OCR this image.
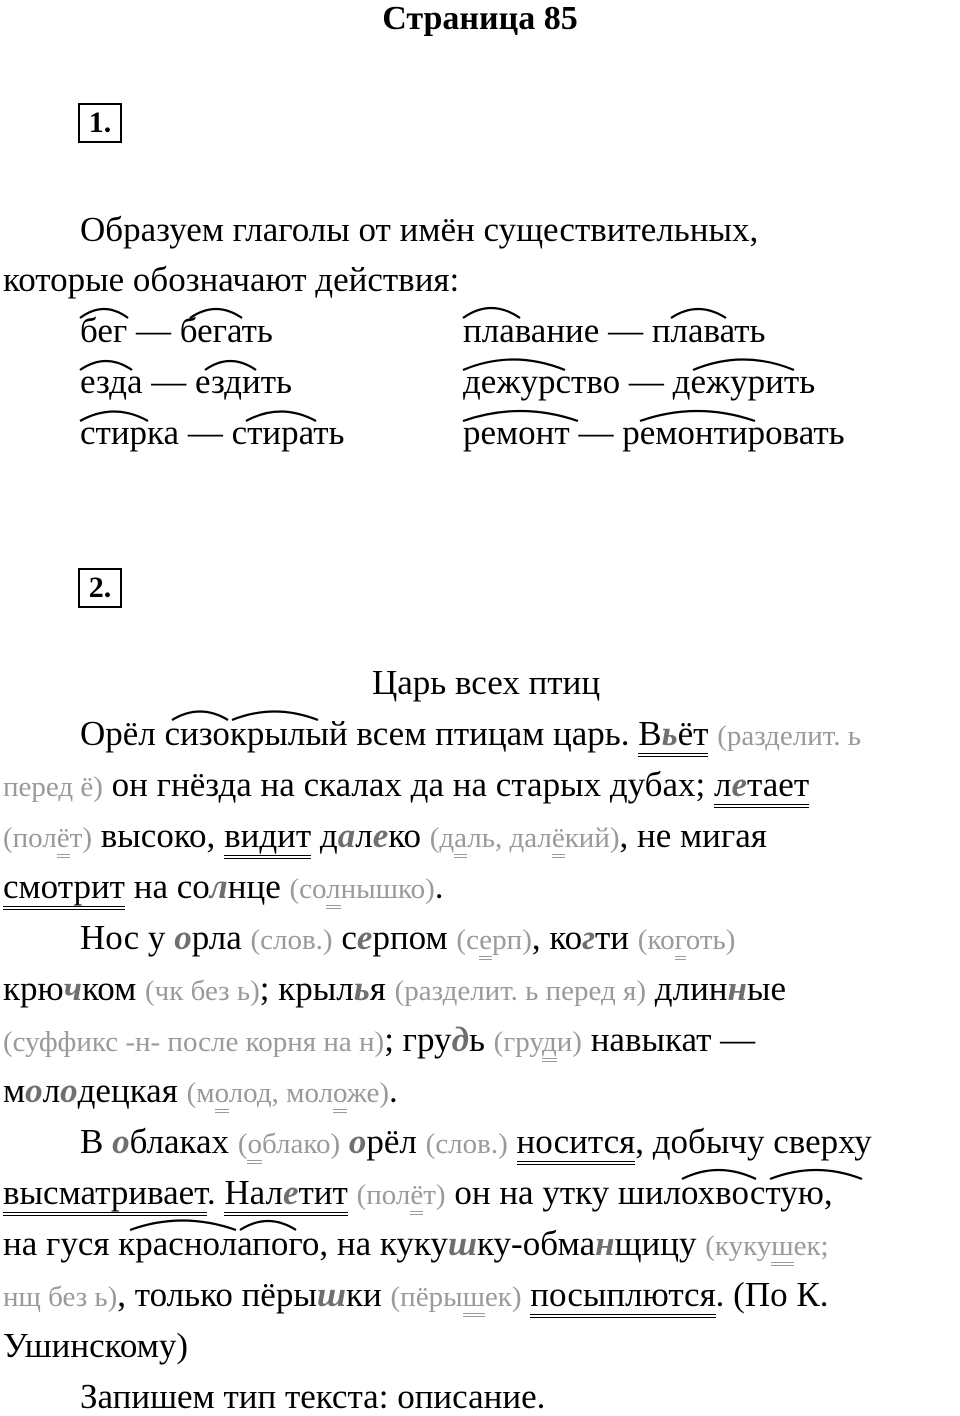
Страница 85
1.
Образуем глаголы от имён существительных,
которые обозначают действия:
бег — бегать	плавание — плавать
езда — ездить	дежурство — дежурить
стирка — стирать	ремонт — ремонтировать
2.
Царь всех птиц
Орёл сизокрылый всем птицам царь. Вьёт (разделит. ь
перед ё) он гнёзда на скалах да на старых дубах; летает
(полёт) высоко, видит далеко (даль, далёкий), не мигая
смотрит на солнце (солнышко).
Нос у орла (слов.) серпом (серп), когти (коготь)
крючком (чк без ь); крылья (разделит. ь перед я) длинные
(суффикс -н- после корня на н); грудь (груди) навыкат —
молодецкая (молод, моложе).
В облаках (облако) орёл (слов.) носится, добычу сверху
высматривает. Налетит (полёт) он на утку шилохвостую,
на гуся краснолапого, на кукушку-обманщицу (кукушек;
нщ без ь), только пёрышки (пёрышек) посыплются. (По К.
Ушинскому)
Запишем тип текста: описание.
